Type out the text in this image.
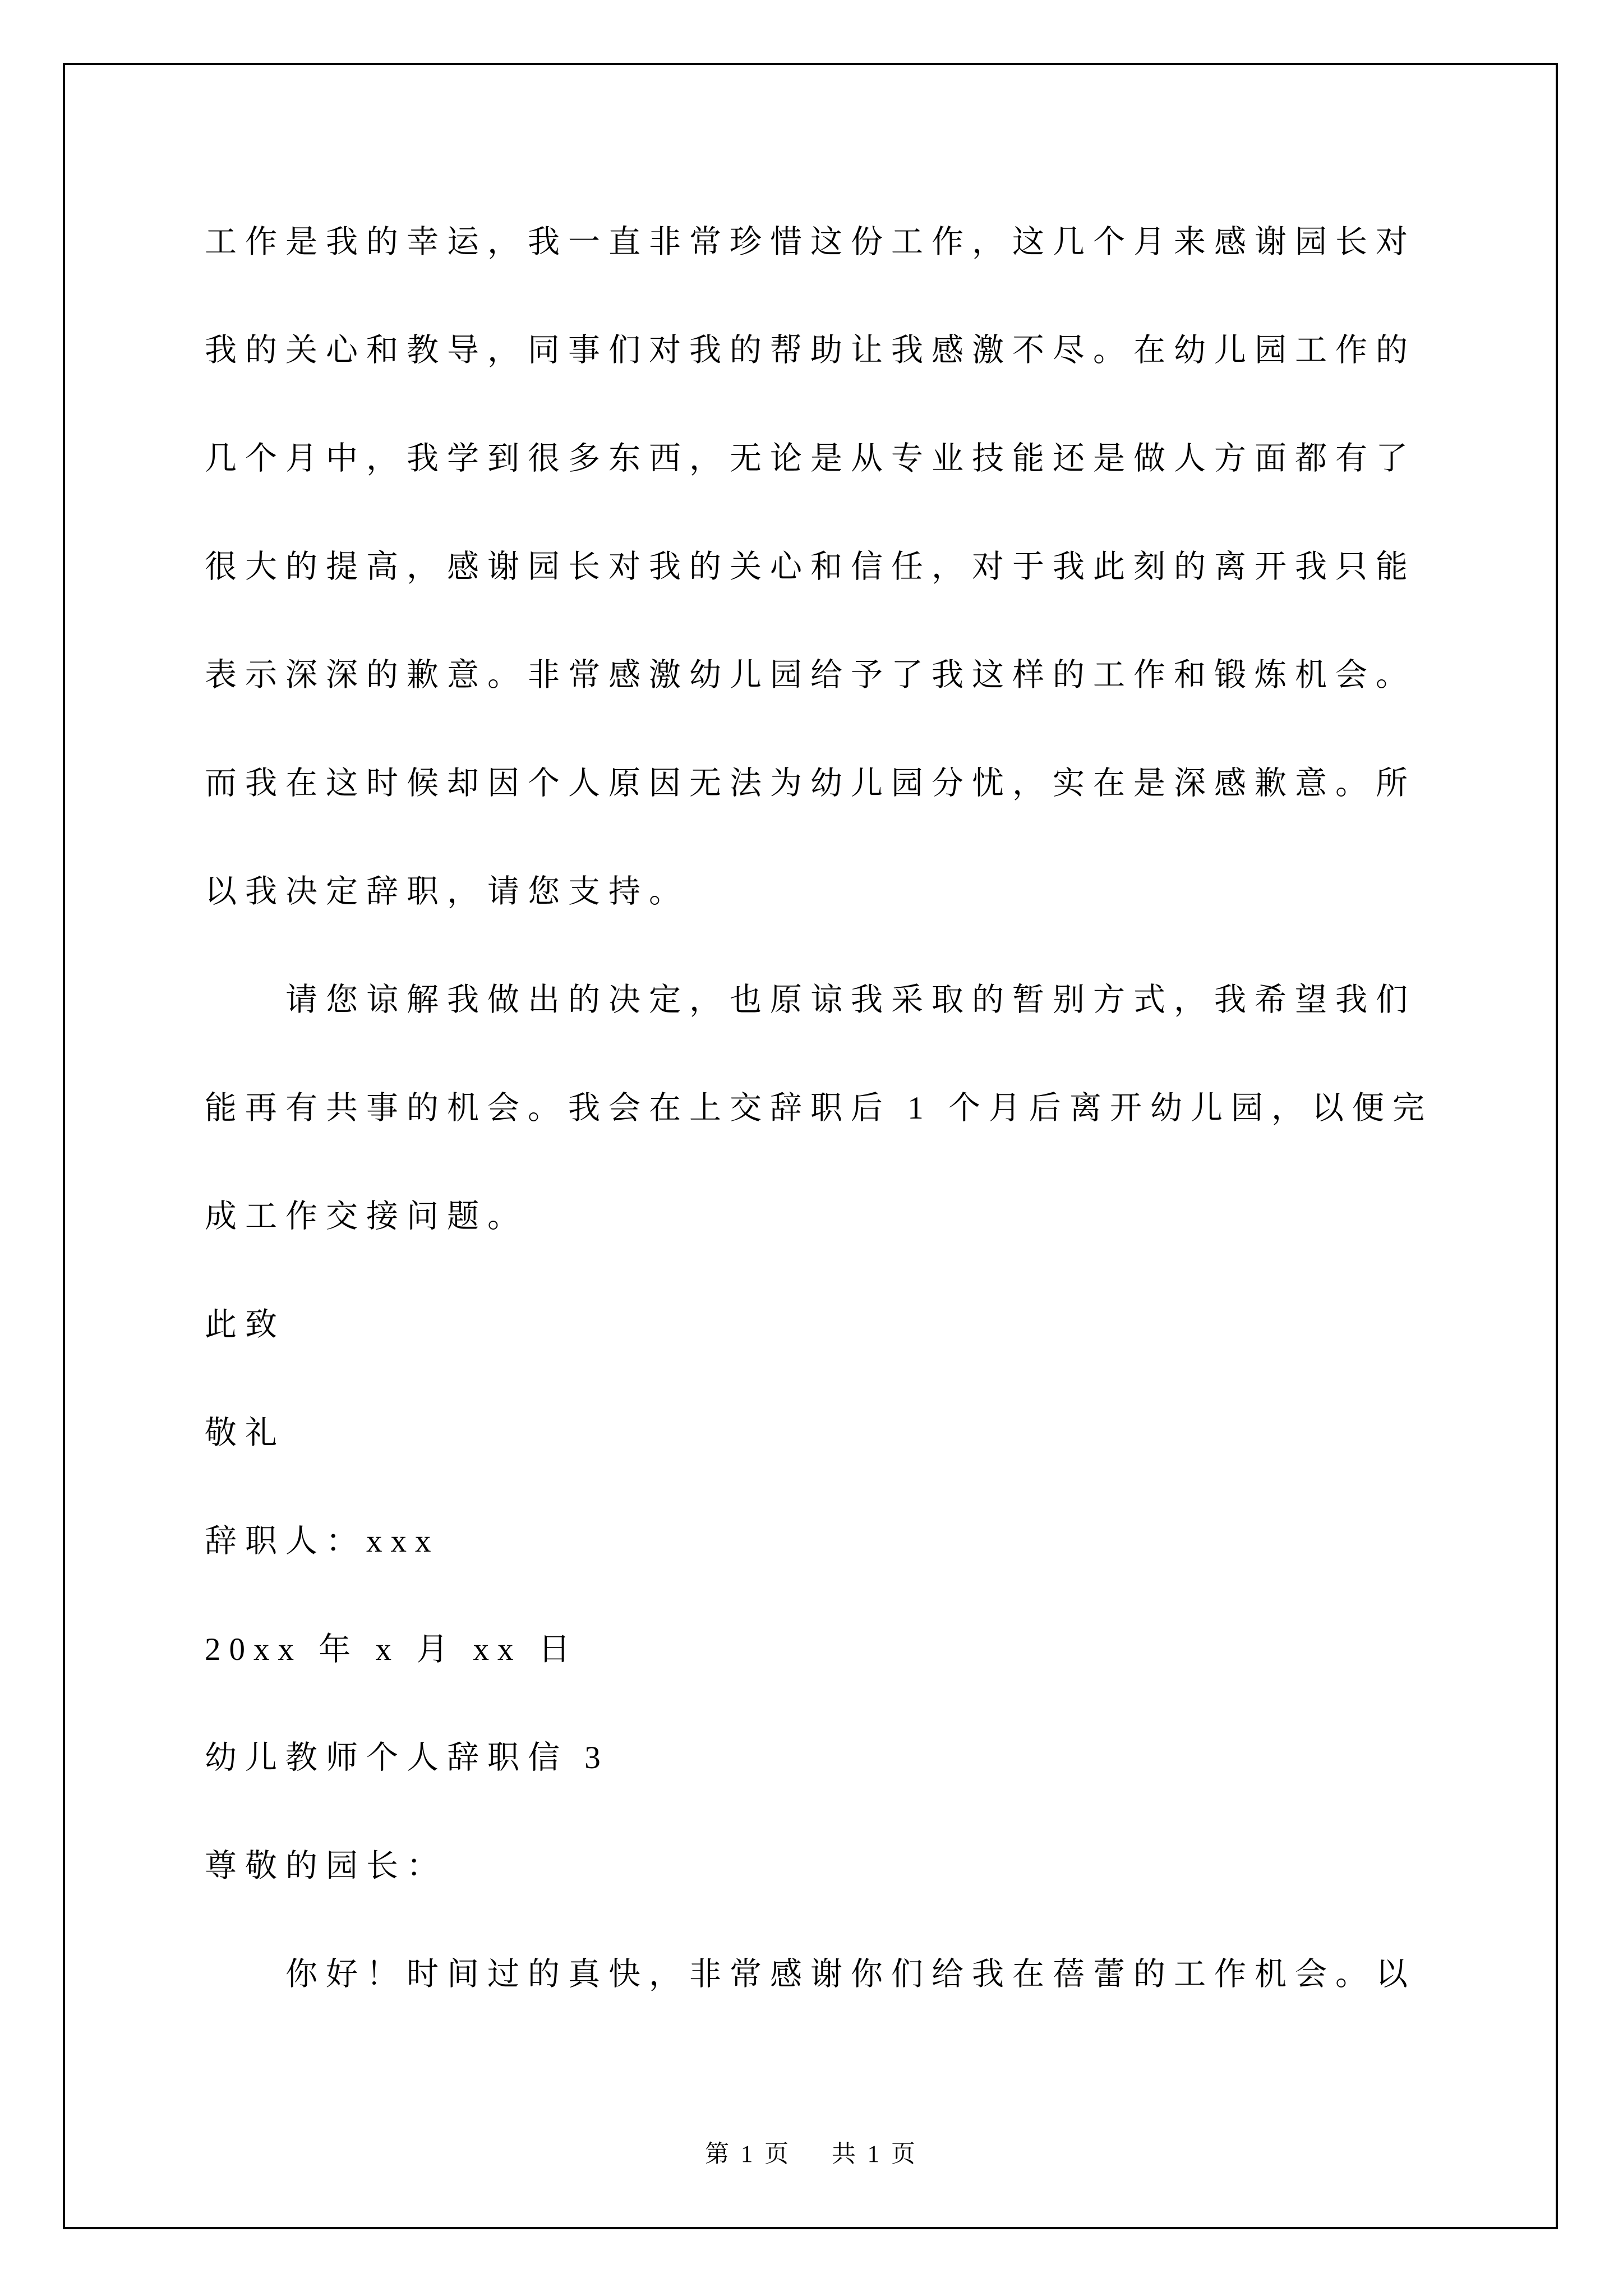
工作是我的幸运，我一直非常珍惜这份工作，这几个月来感谢园长对
我的关心和教导，同事们对我的帮助让我感激不尽。在幼儿园工作的
几个月中，我学到很多东西，无论是从专业技能还是做人方面都有了
很大的提高，感谢园长对我的关心和信任，对于我此刻的离开我只能
表示深深的歉意。非常感激幼儿园给予了我这样的工作和锻炼机会。
而我在这时候却因个人原因无法为幼儿园分忧，实在是深感歉意。所
以我决定辞职，请您支持。
请您谅解我做出的决定，也原谅我采取的暂别方式，我希望我们
能再有共事的机会。我会在上交辞职后 1 个月后离开幼儿园，以便完
成工作交接问题。
此致
敬礼
辞职人：xxx
20xx 年 x 月 xx 日
幼儿教师个人辞职信 3
尊敬的园长：
你好！时间过的真快，非常感谢你们给我在蓓蕾的工作机会。以
第 1 页 共 1 页
